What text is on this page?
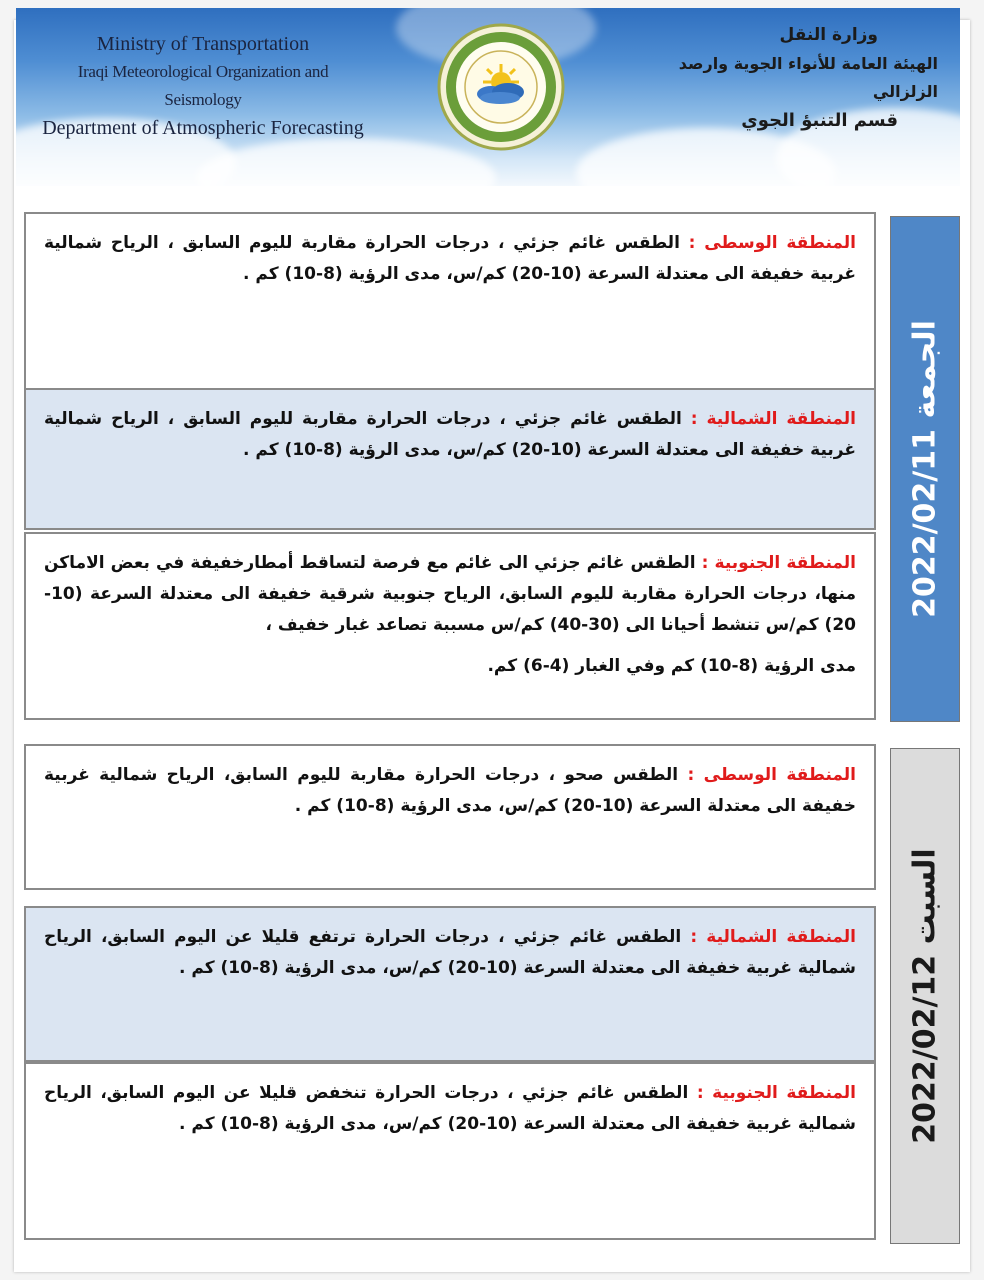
Ministry of Transportation
Iraqi Meteorological Organization and Seismology
Department of Atmospheric Forecasting
وزارة النقل
الهيئة العامة للأنواء الجوية وارصد الزلزالي
قسم التنبؤ الجوي
المنطقة الوسطى : الطقس غائم جزئي ، درجات الحرارة مقاربة لليوم السابق ، الرياح شمالية غربية خفيفة الى معتدلة السرعة (10-20) كم/س، مدى الرؤية (8-10) كم .
المنطقة الشمالية : الطقس غائم جزئي ، درجات الحرارة مقاربة لليوم السابق ، الرياح شمالية غربية خفيفة الى معتدلة السرعة (10-20) كم/س، مدى الرؤية (8-10) كم .
المنطقة الجنوبية : الطقس غائم جزئي الى غائم مع فرصة لتساقط أمطارخفيفة في بعض الاماكن منها، درجات الحرارة مقاربة لليوم السابق، الرياح جنوبية شرقية خفيفة الى معتدلة السرعة (10-20) كم/س تنشط أحيانا الى (30-40) كم/س مسببة تصاعد غبار خفيف ،
مدى الرؤية (8-10) كم وفي الغبار (4-6) كم.
الجمعة 2022/02/11
المنطقة الوسطى : الطقس صحو ، درجات الحرارة مقاربة لليوم السابق، الرياح شمالية غربية خفيفة الى معتدلة السرعة (10-20) كم/س، مدى الرؤية (8-10) كم .
المنطقة الشمالية : الطقس غائم جزئي ، درجات الحرارة ترتفع قليلا عن اليوم السابق، الرياح شمالية غربية خفيفة الى معتدلة السرعة (10-20) كم/س، مدى الرؤية (8-10) كم .
المنطقة الجنوبية : الطقس غائم جزئي ، درجات الحرارة تنخفض قليلا عن اليوم السابق، الرياح شمالية غربية خفيفة الى معتدلة السرعة (10-20) كم/س، مدى الرؤية (8-10) كم .
السبت 2022/02/12
